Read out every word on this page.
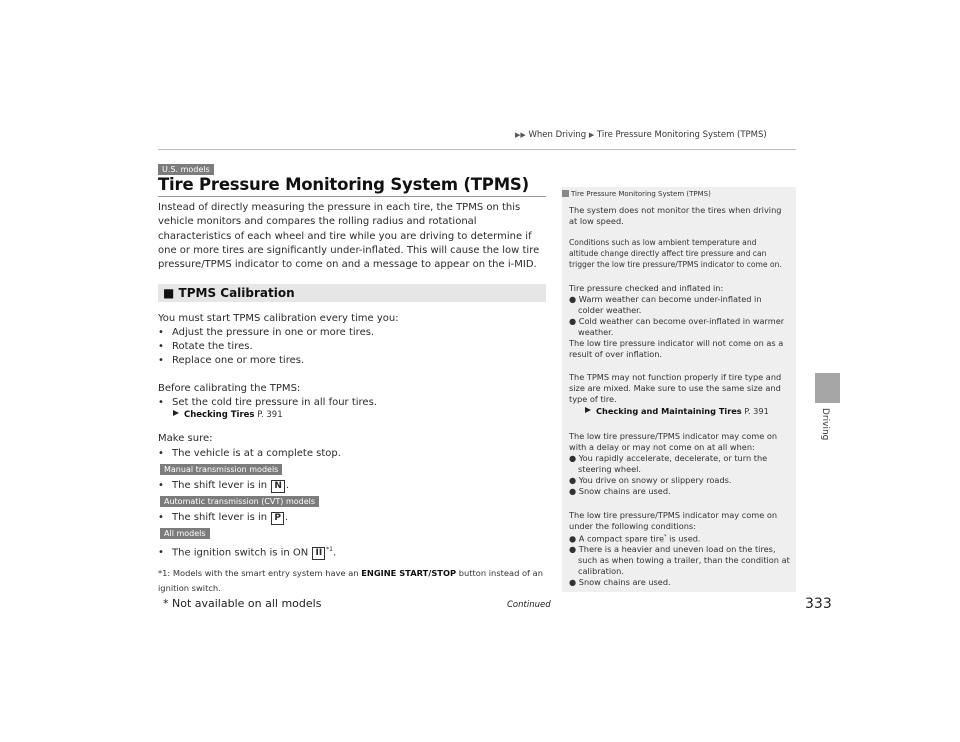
▶▶ When Driving ▶ Tire Pressure Monitoring System (TPMS)
Driving
333
U.S. models
Tire Pressure Monitoring System (TPMS)
Instead of directly measuring the pressure in each tire, the TPMS on this vehicle monitors and compares the rolling radius and rotational characteristics of each wheel and tire while you are driving to determine if one or more tires are significantly under-inflated. This will cause the low tire pressure/TPMS indicator to come on and a message to appear on the i-MID.
■ TPMS Calibration
You must start TPMS calibration every time you:
• Adjust the pressure in one or more tires.
• Rotate the tires.
• Replace one or more tires.
Before calibrating the TPMS:
• Set the cold tire pressure in all four tires.
Checking Tires P. 391
Make sure:
• The vehicle is at a complete stop.
Manual transmission models
• The shift lever is in N .
Automatic transmission (CVT) models
• The shift lever is in P .
All models
• The ignition switch is in ON II $^{*1}$.
*1: Models with the smart entry system have an ENGINE START/STOP button instead of an ignition switch.
Continued
* Not available on all models
Tire Pressure Monitoring System (TPMS)
The system does not monitor the tires when driving
at low speed.
Conditions such as low ambient temperature and
altitude change directly affect tire pressure and can
trigger the low tire pressure/TPMS indicator to come on.
Tire pressure checked and inflated in:
● Warm weather can become under-inflated in
colder weather.
● Cold weather can become over-inflated in warmer
weather.
The low tire pressure indicator will not come on as a
result of over inflation.
The TPMS may not function properly if tire type and
size are mixed. Make sure to use the same size and
type of tire.
Checking and Maintaining Tires P. 391
The low tire pressure/TPMS indicator may come on
with a delay or may not come on at all when:
● You rapidly accelerate, decelerate, or turn the
steering wheel.
● You drive on snowy or slippery roads.
● Snow chains are used.
The low tire pressure/TPMS indicator may come on
under the following conditions:
● A compact spare tire* is used.
● There is a heavier and uneven load on the tires,
such as when towing a trailer, than the condition at
calibration.
● Snow chains are used.
